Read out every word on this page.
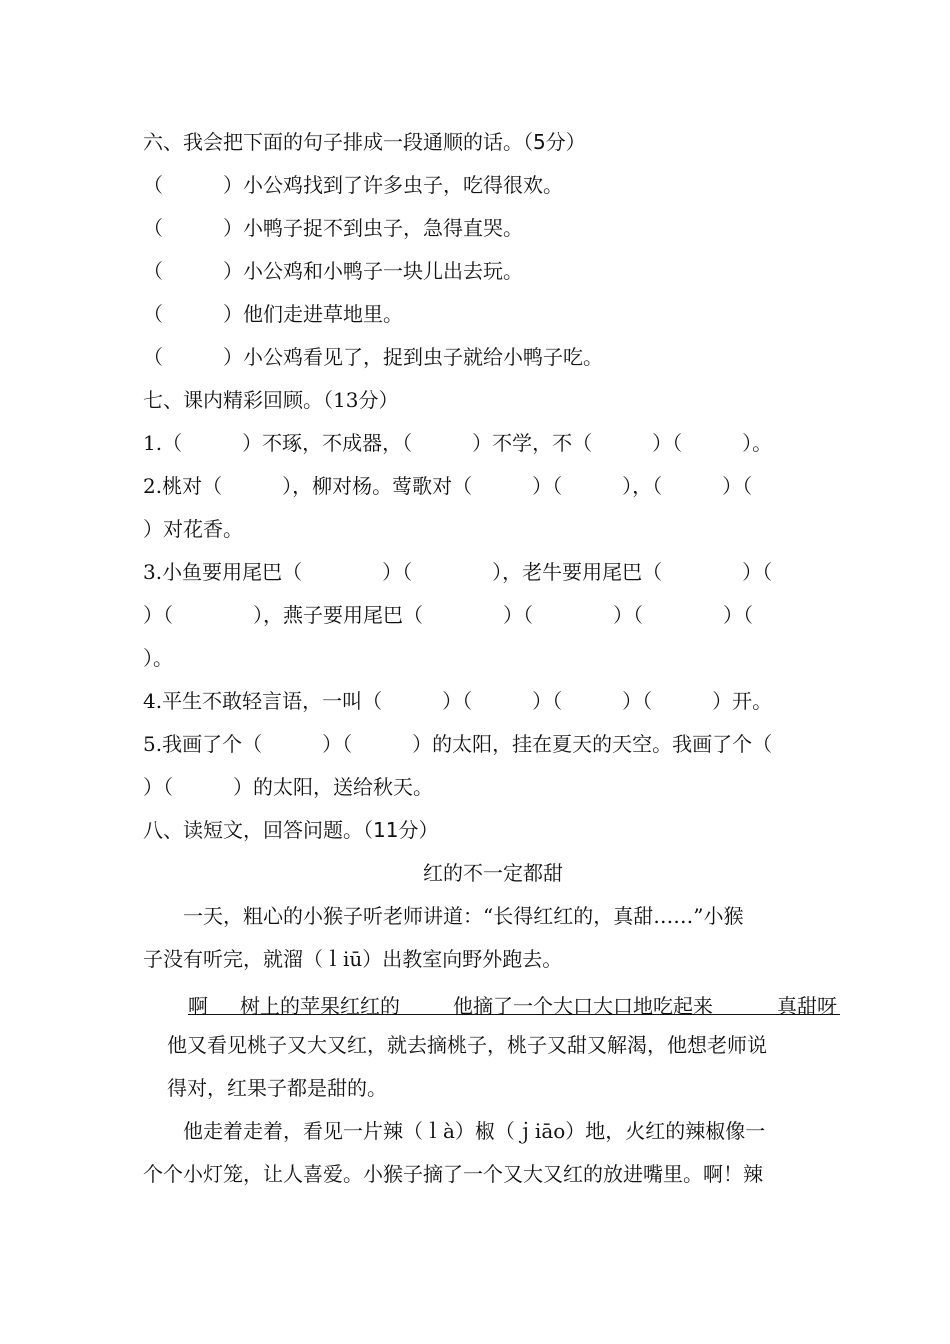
六、我会把下面的句子排成一段通顺的话。（5分）
（　　　）小公鸡找到了许多虫子，吃得很欢。
（　　　）小鸭子捉不到虫子，急得直哭。
（　　　）小公鸡和小鸭子一块儿出去玩。
（　　　）他们走进草地里。
（　　　）小公鸡看见了，捉到虫子就给小鸭子吃。
七、课内精彩回顾。（13分）
1.（　　　）不琢，不成器，（　　　）不学，不（　　　）（　　　）。
2.桃对（　　　），柳对杨。莺歌对（　　　）（　　　），（　　　）（
）对花香。
3.小鱼要用尾巴（　　　　）（　　　　），老牛要用尾巴（　　　　）（
）（　　　　），燕子要用尾巴（　　　　）（　　　　）（　　　　）（
）。
4.平生不敢轻言语，一叫（　　　）（　　　）（　　　）（　　　）开。
5.我画了个（　　　）（　　　）的太阳，挂在夏天的天空。我画了个（
）（　　　）的太阳，送给秋天。
八、读短文，回答问题。（11分）
红的不一定都甜
　　一天，粗心的小猴子听老师讲道：“长得红红的，真甜……”小猴
子没有听完，就溜（ｌiū）出教室向野外跑去。
啊 树上的苹果红红的	他摘了一个大口大口地吃起来	真甜呀
他又看见桃子又大又红，就去摘桃子，桃子又甜又解渴，他想老师说
得对，红果子都是甜的。
　　他走着走着，看见一片辣（ｌà）椒（ｊiāo）地，火红的辣椒像一
个个小灯笼，让人喜爱。小猴子摘了一个又大又红的放进嘴里。啊！辣
